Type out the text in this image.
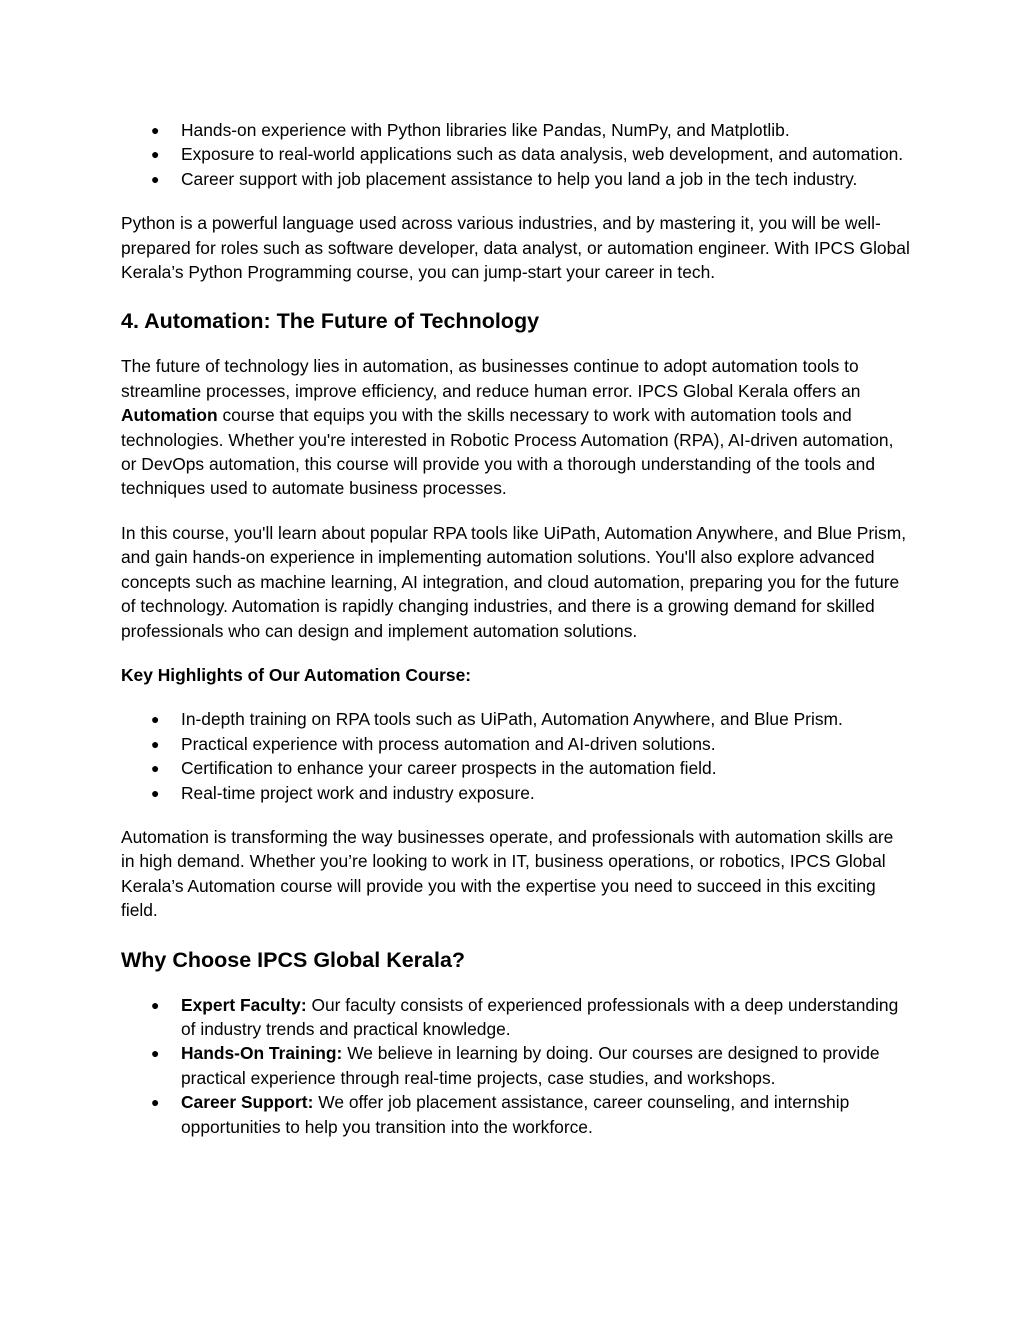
● Hands-on experience with Python libraries like Pandas, NumPy, and Matplotlib.
● Exposure to real-world applications such as data analysis, web development, and automation.
● Career support with job placement assistance to help you land a job in the tech industry.

Python is a powerful language used across various industries, and by mastering it, you will be well-prepared for roles such as software developer, data analyst, or automation engineer. With IPCS Global Kerala’s Python Programming course, you can jump-start your career in tech.

4. Automation: The Future of Technology

The future of technology lies in automation, as businesses continue to adopt automation tools to streamline processes, improve efficiency, and reduce human error. IPCS Global Kerala offers an Automation course that equips you with the skills necessary to work with automation tools and technologies. Whether you're interested in Robotic Process Automation (RPA), AI-driven automation, or DevOps automation, this course will provide you with a thorough understanding of the tools and techniques used to automate business processes.

In this course, you'll learn about popular RPA tools like UiPath, Automation Anywhere, and Blue Prism, and gain hands-on experience in implementing automation solutions. You'll also explore advanced concepts such as machine learning, AI integration, and cloud automation, preparing you for the future of technology. Automation is rapidly changing industries, and there is a growing demand for skilled professionals who can design and implement automation solutions.

Key Highlights of Our Automation Course:

● In-depth training on RPA tools such as UiPath, Automation Anywhere, and Blue Prism.
● Practical experience with process automation and AI-driven solutions.
● Certification to enhance your career prospects in the automation field.
● Real-time project work and industry exposure.

Automation is transforming the way businesses operate, and professionals with automation skills are in high demand. Whether you’re looking to work in IT, business operations, or robotics, IPCS Global Kerala’s Automation course will provide you with the expertise you need to succeed in this exciting field.

Why Choose IPCS Global Kerala?
● Expert Faculty: Our faculty consists of experienced professionals with a deep understanding of industry trends and practical knowledge.
● Hands-On Training: We believe in learning by doing. Our courses are designed to provide practical experience through real-time projects, case studies, and workshops.
● Career Support: We offer job placement assistance, career counseling, and internship opportunities to help you transition into the workforce.
